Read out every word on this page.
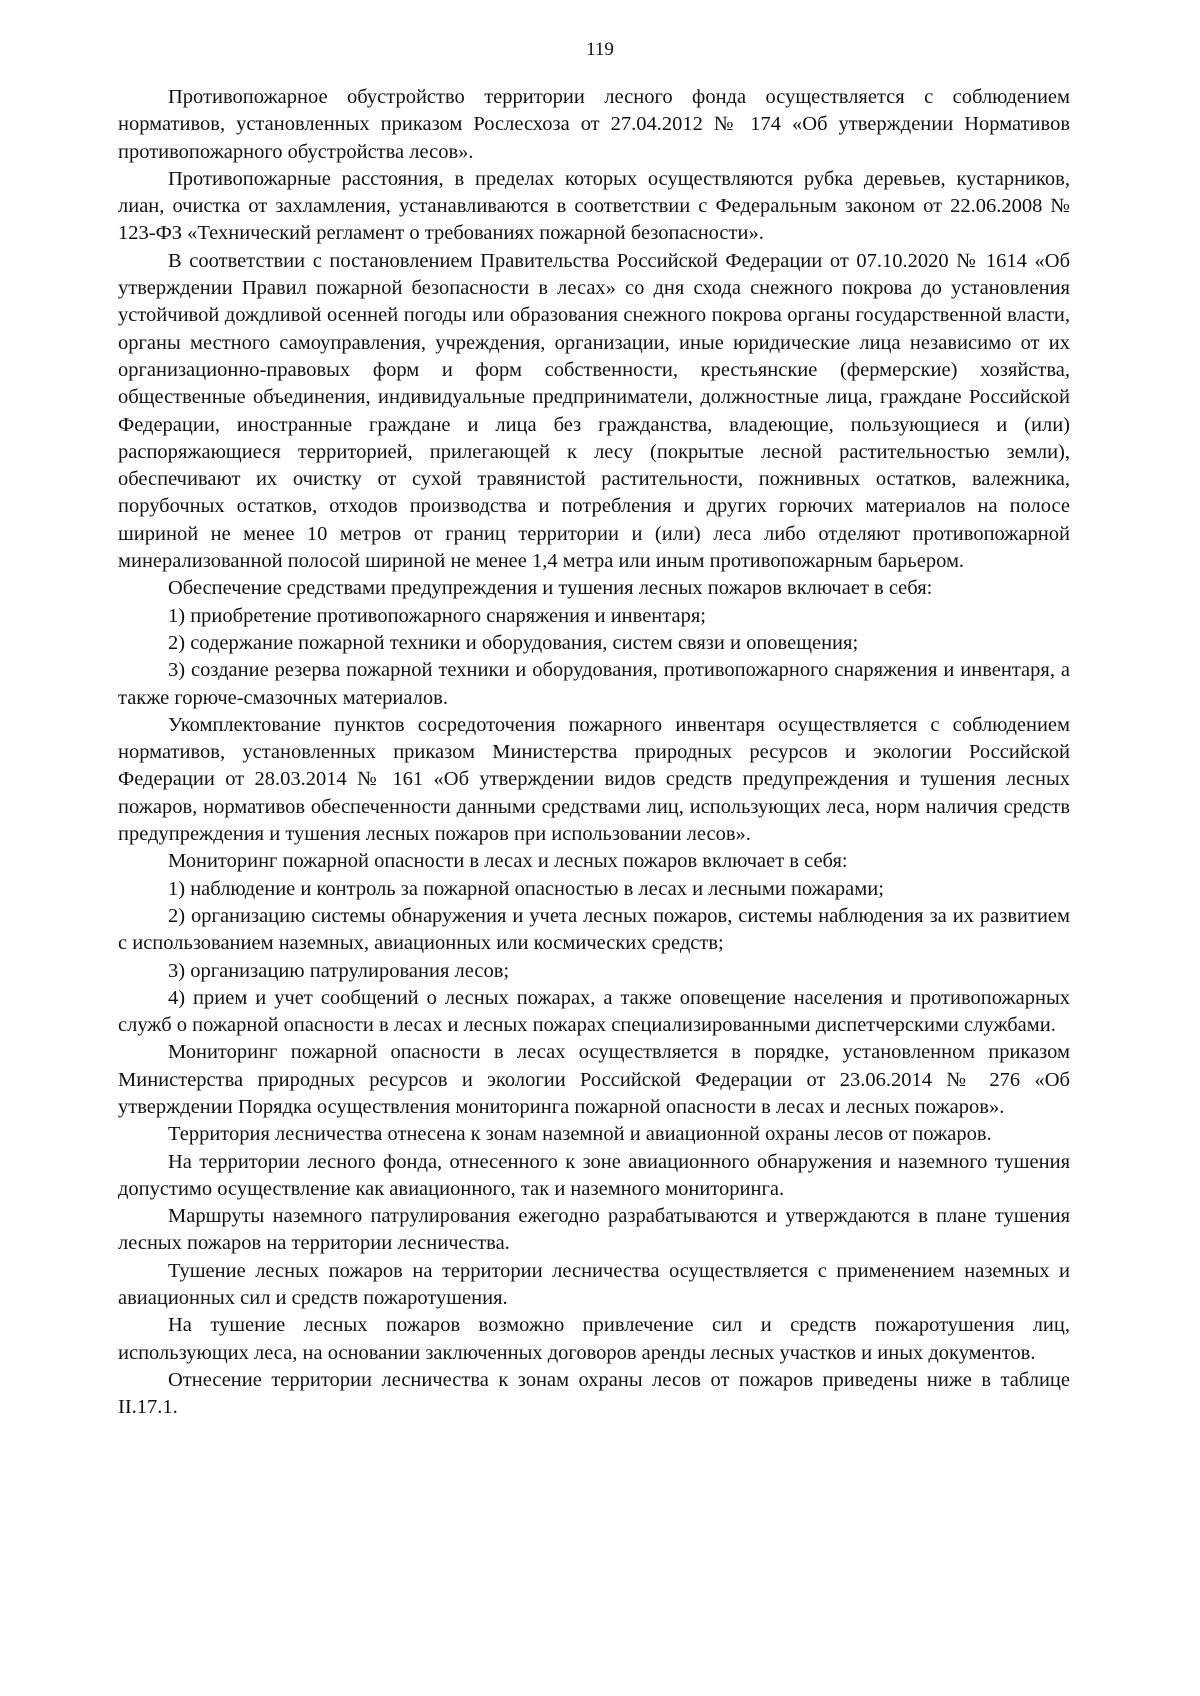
119

Противопожарное обустройство территории лесного фонда осуществляется с соблюдением нормативов, установленных приказом Рослесхоза от 27.04.2012 № 174 «Об утверждении Нормативов противопожарного обустройства лесов».

Противопожарные расстояния, в пределах которых осуществляются рубка деревьев, кустарников, лиан, очистка от захламления, устанавливаются в соответствии с Федеральным законом от 22.06.2008 № 123-ФЗ «Технический регламент о требованиях пожарной безопасности».

В соответствии с постановлением Правительства Российской Федерации от 07.10.2020 № 1614 «Об утверждении Правил пожарной безопасности в лесах» со дня схода снежного покрова до установления устойчивой дождливой осенней погоды или образования снежного покрова органы государственной власти, органы местного самоуправления, учреждения, организации, иные юридические лица независимо от их организационно-правовых форм и форм собственности, крестьянские (фермерские) хозяйства, общественные объединения, индивидуальные предприниматели, должностные лица, граждане Российской Федерации, иностранные граждане и лица без гражданства, владеющие, пользующиеся и (или) распоряжающиеся территорией, прилегающей к лесу (покрытые лесной растительностью земли), обеспечивают их очистку от сухой травянистой растительности, пожнивных остатков, валежника, порубочных остатков, отходов производства и потребления и других горючих материалов на полосе шириной не менее 10 метров от границ территории и (или) леса либо отделяют противопожарной минерализованной полосой шириной не менее 1,4 метра или иным противопожарным барьером.

Обеспечение средствами предупреждения и тушения лесных пожаров включает в себя:

1) приобретение противопожарного снаряжения и инвентаря;

2) содержание пожарной техники и оборудования, систем связи и оповещения;

3) создание резерва пожарной техники и оборудования, противопожарного снаряжения и инвентаря, а также горюче-смазочных материалов.

Укомплектование пунктов сосредоточения пожарного инвентаря осуществляется с соблюдением нормативов, установленных приказом Министерства природных ресурсов и экологии Российской Федерации от 28.03.2014 № 161 «Об утверждении видов средств предупреждения и тушения лесных пожаров, нормативов обеспеченности данными средствами лиц, использующих леса, норм наличия средств предупреждения и тушения лесных пожаров при использовании лесов».

Мониторинг пожарной опасности в лесах и лесных пожаров включает в себя:

1) наблюдение и контроль за пожарной опасностью в лесах и лесными пожарами;

2) организацию системы обнаружения и учета лесных пожаров, системы наблюдения за их развитием с использованием наземных, авиационных или космических средств;

3) организацию патрулирования лесов;

4) прием и учет сообщений о лесных пожарах, а также оповещение населения и противопожарных служб о пожарной опасности в лесах и лесных пожарах специализированными диспетчерскими службами.

Мониторинг пожарной опасности в лесах осуществляется в порядке, установленном приказом Министерства природных ресурсов и экологии Российской Федерации от 23.06.2014 № 276 «Об утверждении Порядка осуществления мониторинга пожарной опасности в лесах и лесных пожаров».

Территория лесничества отнесена к зонам наземной и авиационной охраны лесов от пожаров.

На территории лесного фонда, отнесенного к зоне авиационного обнаружения и наземного тушения допустимо осуществление как авиационного, так и наземного мониторинга.

Маршруты наземного патрулирования ежегодно разрабатываются и утверждаются в плане тушения лесных пожаров на территории лесничества.

Тушение лесных пожаров на территории лесничества осуществляется с применением наземных и авиационных сил и средств пожаротушения.

На тушение лесных пожаров возможно привлечение сил и средств пожаротушения лиц, использующих леса, на основании заключенных договоров аренды лесных участков и иных документов.

Отнесение территории лесничества к зонам охраны лесов от пожаров приведены ниже в таблице II.17.1.
